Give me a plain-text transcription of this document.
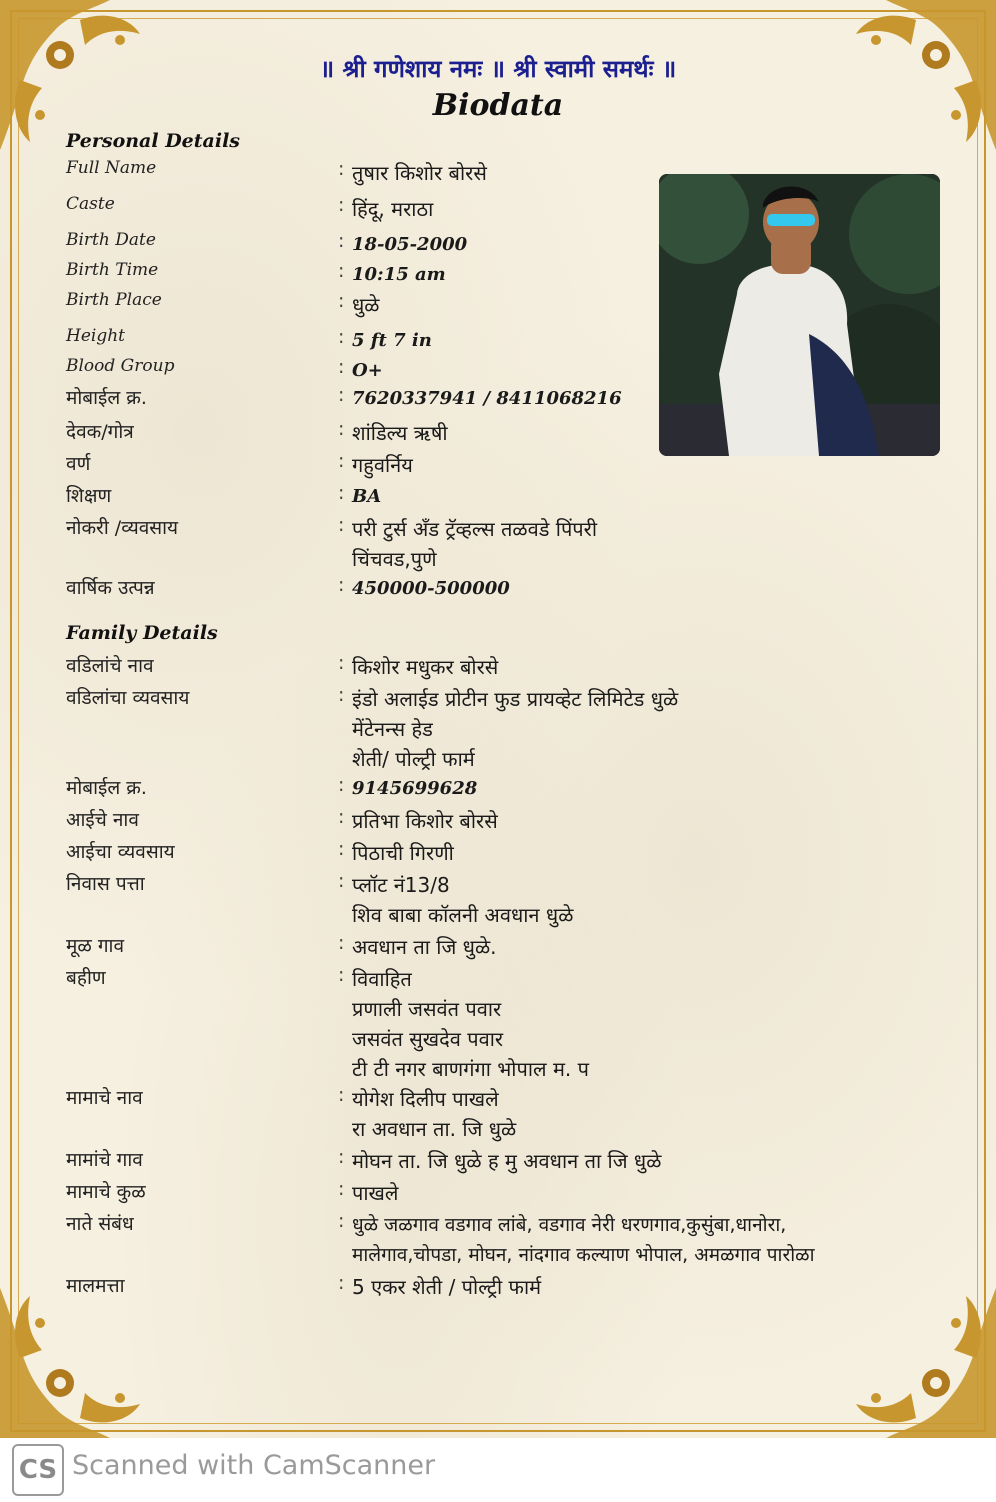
॥ श्री गणेशाय नमः ॥ श्री स्वामी समर्थः ॥
Biodata
Personal Details
Full Name	: तुषार किशोर बोरसे
Caste	: हिंदू, मराठा
Birth Date	: 18-05-2000
Birth Time	: 10:15 am
Birth Place	: धुळे
Height	: 5 ft 7 in
Blood Group	: O+
मोबाईल क्र.	: 7620337941 / 8411068216
देवक/गोत्र	: शांडिल्य ऋषी
वर्ण	: गहुवर्निय
शिक्षण	: BA
नोकरी /व्यवसाय	: परी टुर्स अँड ट्रॅव्हल्स तळवडे पिंपरी
चिंचवड,पुणे
वार्षिक उत्पन्न	: 450000-500000
Family Details
वडिलांचे नाव	: किशोर मधुकर बोरसे
वडिलांचा व्यवसाय	: इंडो अलाईड प्रोटीन फुड प्रायव्हेट लिमिटेड धुळे
मेंटेनन्स हेड
शेती/ पोल्ट्री फार्म
मोबाईल क्र.	: 9145699628
आईचे नाव	: प्रतिभा किशोर बोरसे
आईचा व्यवसाय	: पिठाची गिरणी
निवास पत्ता	: प्लॉट नं13/8
शिव बाबा कॉलनी अवधान धुळे
मूळ गाव	: अवधान ता जि धुळे.
बहीण	: विवाहित
प्रणाली जसवंत पवार
जसवंत सुखदेव पवार
टी टी नगर बाणगंगा भोपाल म. प
मामाचे नाव	: योगेश दिलीप पाखले
रा अवधान ता. जि धुळे
मामांचे गाव	: मोघन ता. जि धुळे ह मु अवधान ता जि धुळे
मामाचे कुळ	: पाखले
नाते संबंध	: धुळे जळगाव वडगाव लांबे, वडगाव नेरी धरणगाव,कुसुंबा,धानोरा,
मालेगाव,चोपडा, मोघन, नांदगाव कल्याण भोपाल, अमळगाव पारोळा
मालमत्ता	: 5 एकर शेती / पोल्ट्री फार्म
CS Scanned with CamScanner
